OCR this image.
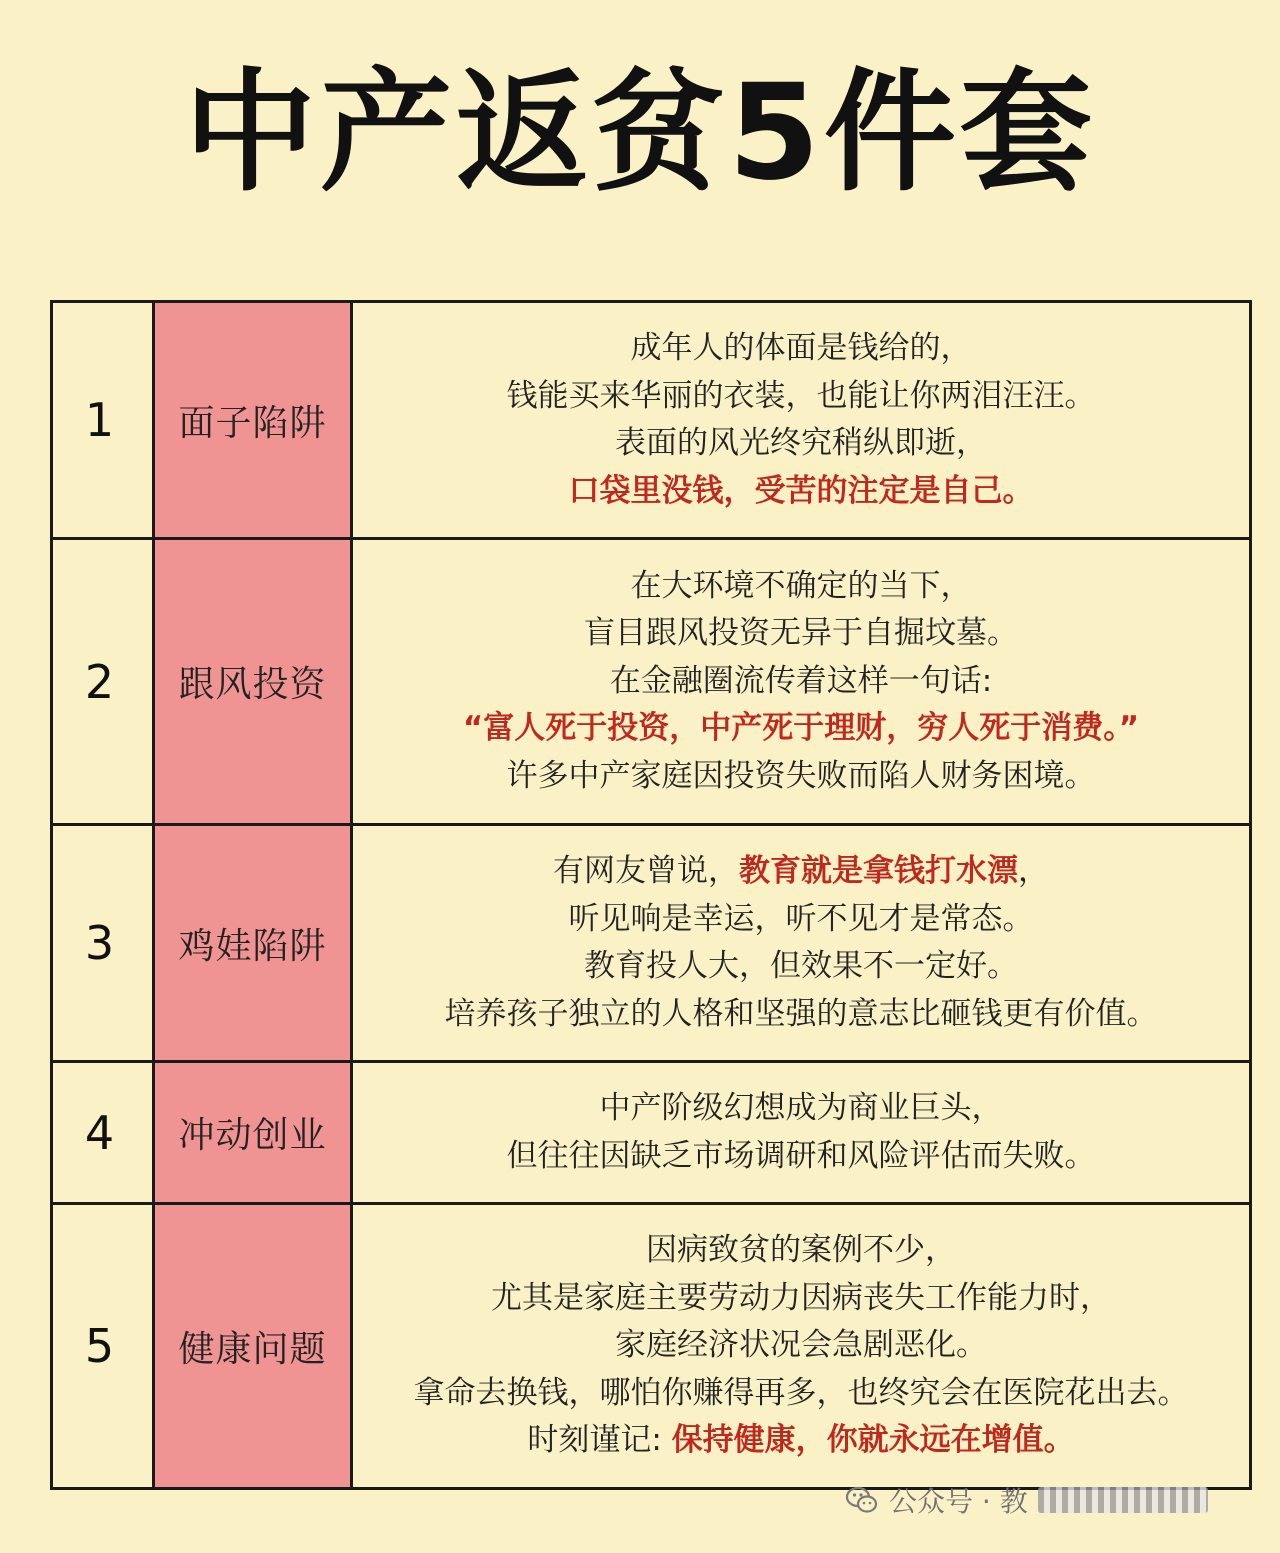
中产返贫5件套
1	面子陷阱	成年人的体面是钱给的，
钱能买来华丽的衣装，也能让你两泪汪汪。
表面的风光终究稍纵即逝，
口袋里没钱，受苦的注定是自己。

2	跟风投资	在大环境不确定的当下，
盲目跟风投资无异于自掘坟墓。
在金融圈流传着这样一句话:
“富人死于投资，中产死于理财，穷人死于消费。”
许多中产家庭因投资失败而陷人财务困境。

3	鸡娃陷阱	有网友曾说，教育就是拿钱打水漂，
听见响是幸运，听不见才是常态。
教育投人大，但效果不一定好。
培养孩子独立的人格和坚强的意志比砸钱更有价值。

4	冲动创业	中产阶级幻想成为商业巨头，
但往往因缺乏市场调研和风险评估而失败。

5	健康问题	因病致贫的案例不少，
尤其是家庭主要劳动力因病丧失工作能力时，
家庭经济状况会急剧恶化。
拿命去换钱，哪怕你赚得再多，也终究会在医院花出去。
时刻谨记: 保持健康，你就永远在增值。
公众号 · 教
